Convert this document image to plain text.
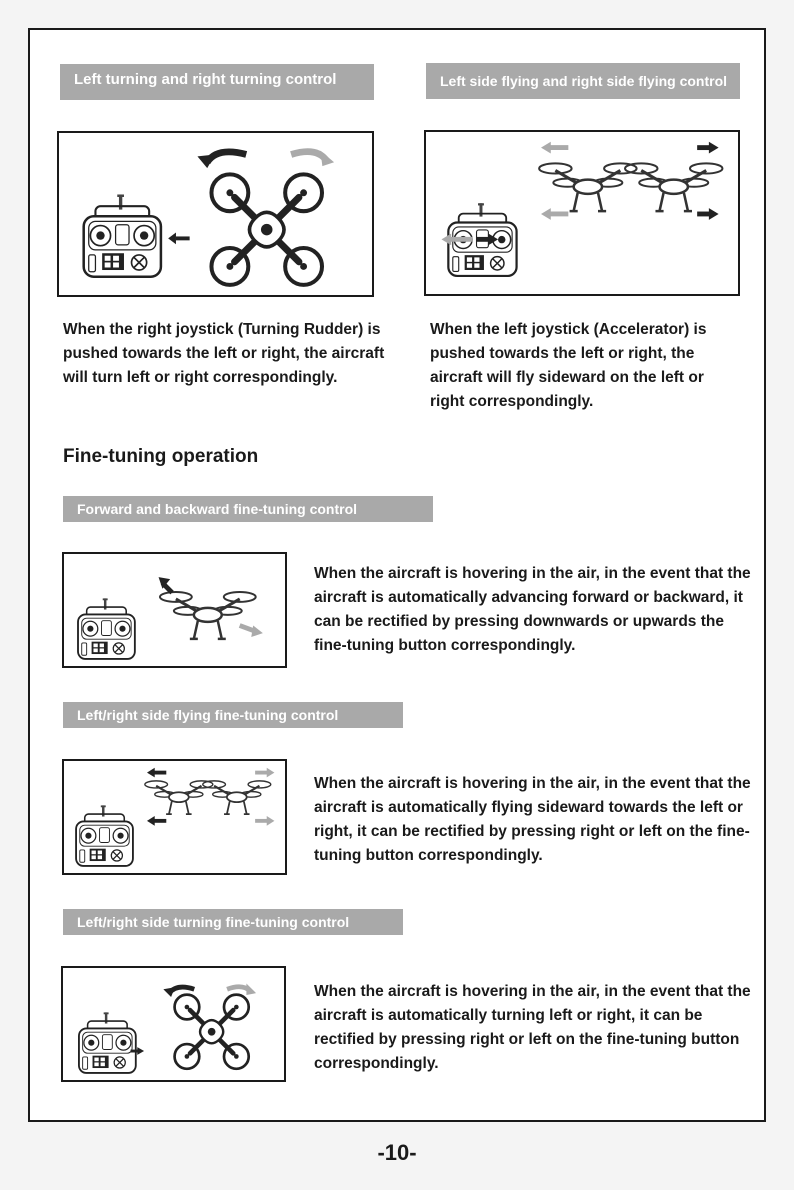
Left turning and right turning control

When the right joystick (Turning Rudder) is pushed towards the left or right, the aircraft will turn left or right correspondingly.

Left side flying and right side flying control

When the left joystick (Accelerator) is pushed towards the left or right, the aircraft will fly sideward on the left or right correspondingly.

Fine-tuning operation
Forward and backward fine-tuning control

When the aircraft is hovering in the air, in the event that the aircraft is automatically advancing forward or backward, it can be rectified by pressing downwards or upwards the fine-tuning button correspondingly.

Left/right side flying fine-tuning control

When the aircraft is hovering in the air, in the event that the aircraft is automatically flying sideward towards the left or right, it can be rectified by pressing right or left on the fine-tuning button correspondingly.

Left/right side turning fine-tuning control

When the aircraft is hovering in the air, in the event that the aircraft is automatically turning left or right, it can be rectified by pressing right or left on the fine-tuning button correspondingly.

-10-
